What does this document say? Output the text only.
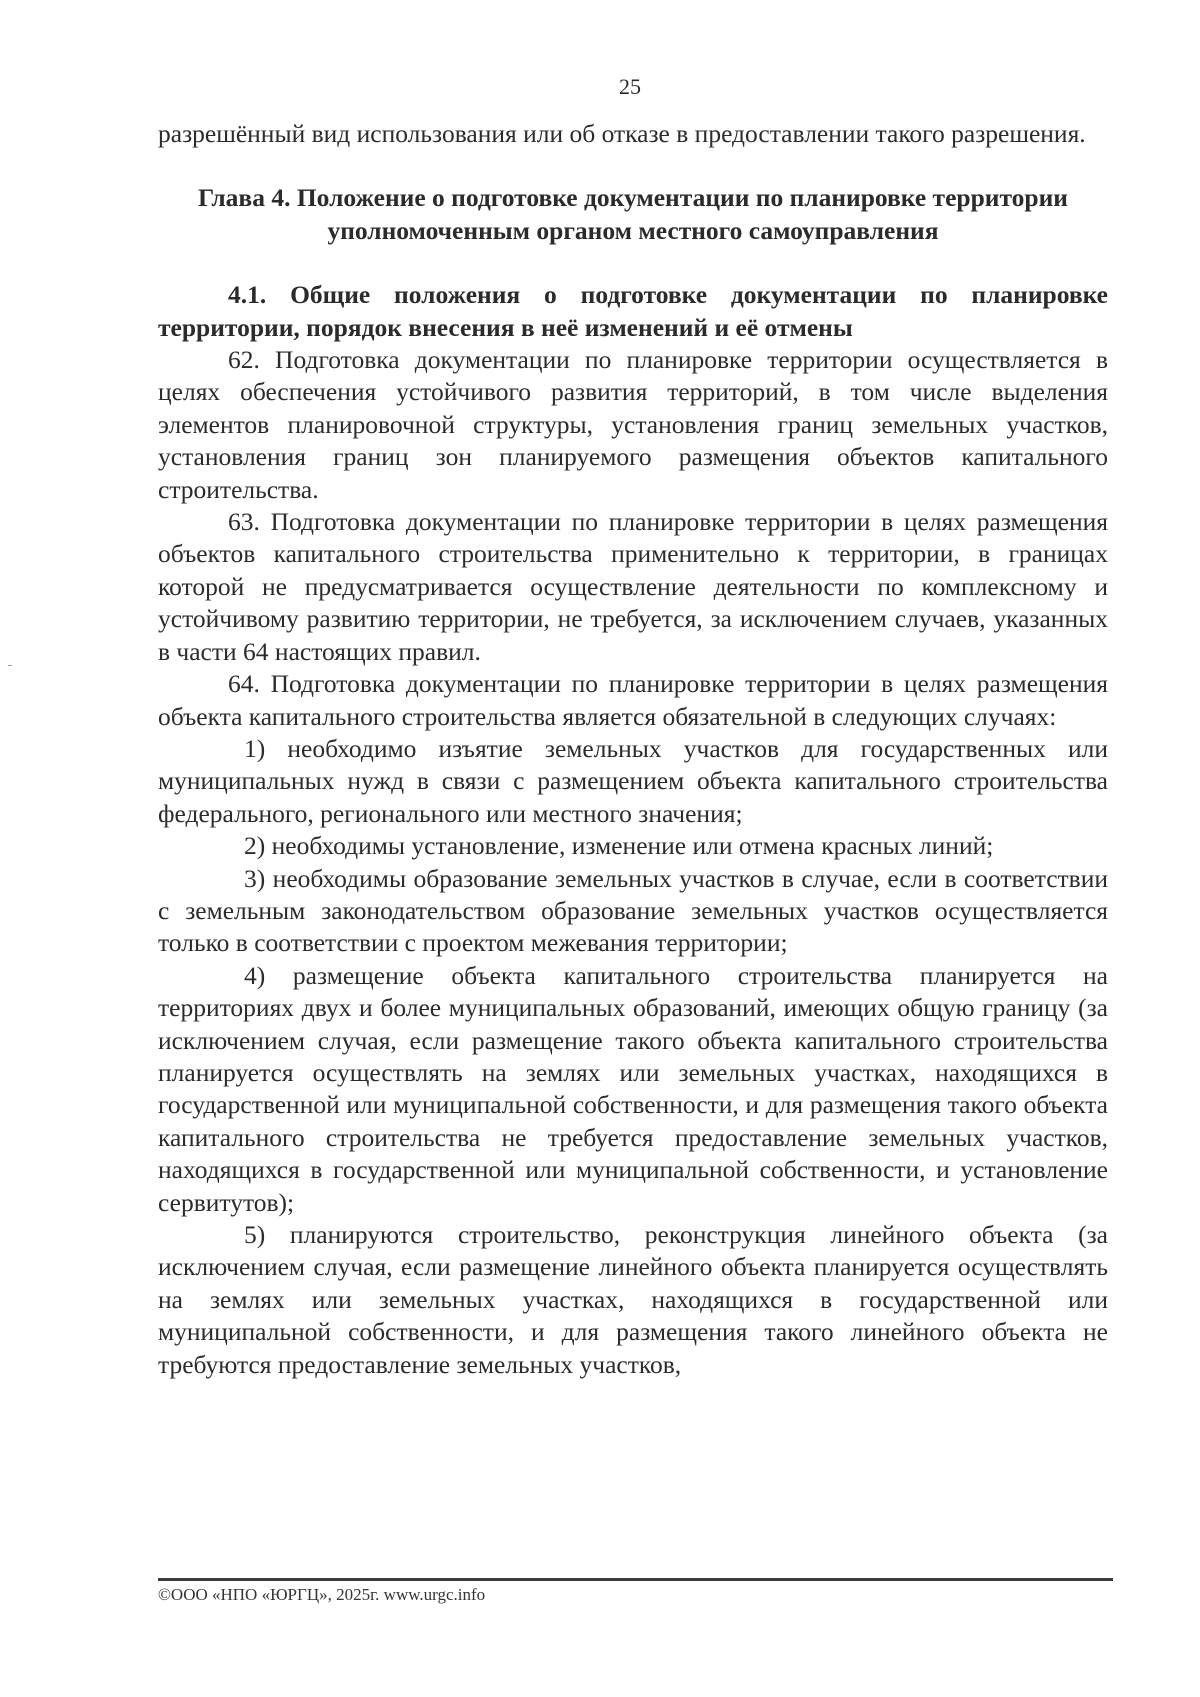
25

разрешённый вид использования или об отказе в предоставлении такого разрешения.

Глава 4. Положение о подготовке документации по планировке территории уполномоченным органом местного самоуправления

4.1. Общие положения о подготовке документации по планировке территории, порядок внесения в неё изменений и её отмены

62. Подготовка документации по планировке территории осуществляется в целях обеспечения устойчивого развития территорий, в том числе выделения элементов планировочной структуры, установления границ земельных участков, установления границ зон планируемого размещения объектов капитального строительства.

63. Подготовка документации по планировке территории в целях размещения объектов капитального строительства применительно к территории, в границах которой не предусматривается осуществление деятельности по комплексному и устойчивому развитию территории, не требуется, за исключением случаев, указанных в части 64 настоящих правил.

64. Подготовка документации по планировке территории в целях размещения объекта капитального строительства является обязательной в следующих случаях:

1) необходимо изъятие земельных участков для государственных или муниципальных нужд в связи с размещением объекта капитального строительства федерального, регионального или местного значения;

2) необходимы установление, изменение или отмена красных линий;

3) необходимы образование земельных участков в случае, если в соответствии с земельным законодательством образование земельных участков осуществляется только в соответствии с проектом межевания территории;

4) размещение объекта капитального строительства планируется на территориях двух и более муниципальных образований, имеющих общую границу (за исключением случая, если размещение такого объекта капитального строительства планируется осуществлять на землях или земельных участках, находящихся в государственной или муниципальной собственности, и для размещения такого объекта капитального строительства не требуется предоставление земельных участков, находящихся в государственной или муниципальной собственности, и установление сервитутов);

5) планируются строительство, реконструкция линейного объекта (за исключением случая, если размещение линейного объекта планируется осуществлять на землях или земельных участках, находящихся в государственной или муниципальной собственности, и для размещения такого линейного объекта не требуются предоставление земельных участков,

©ООО «НПО «ЮРГЦ», 2025г. www.urgc.info
